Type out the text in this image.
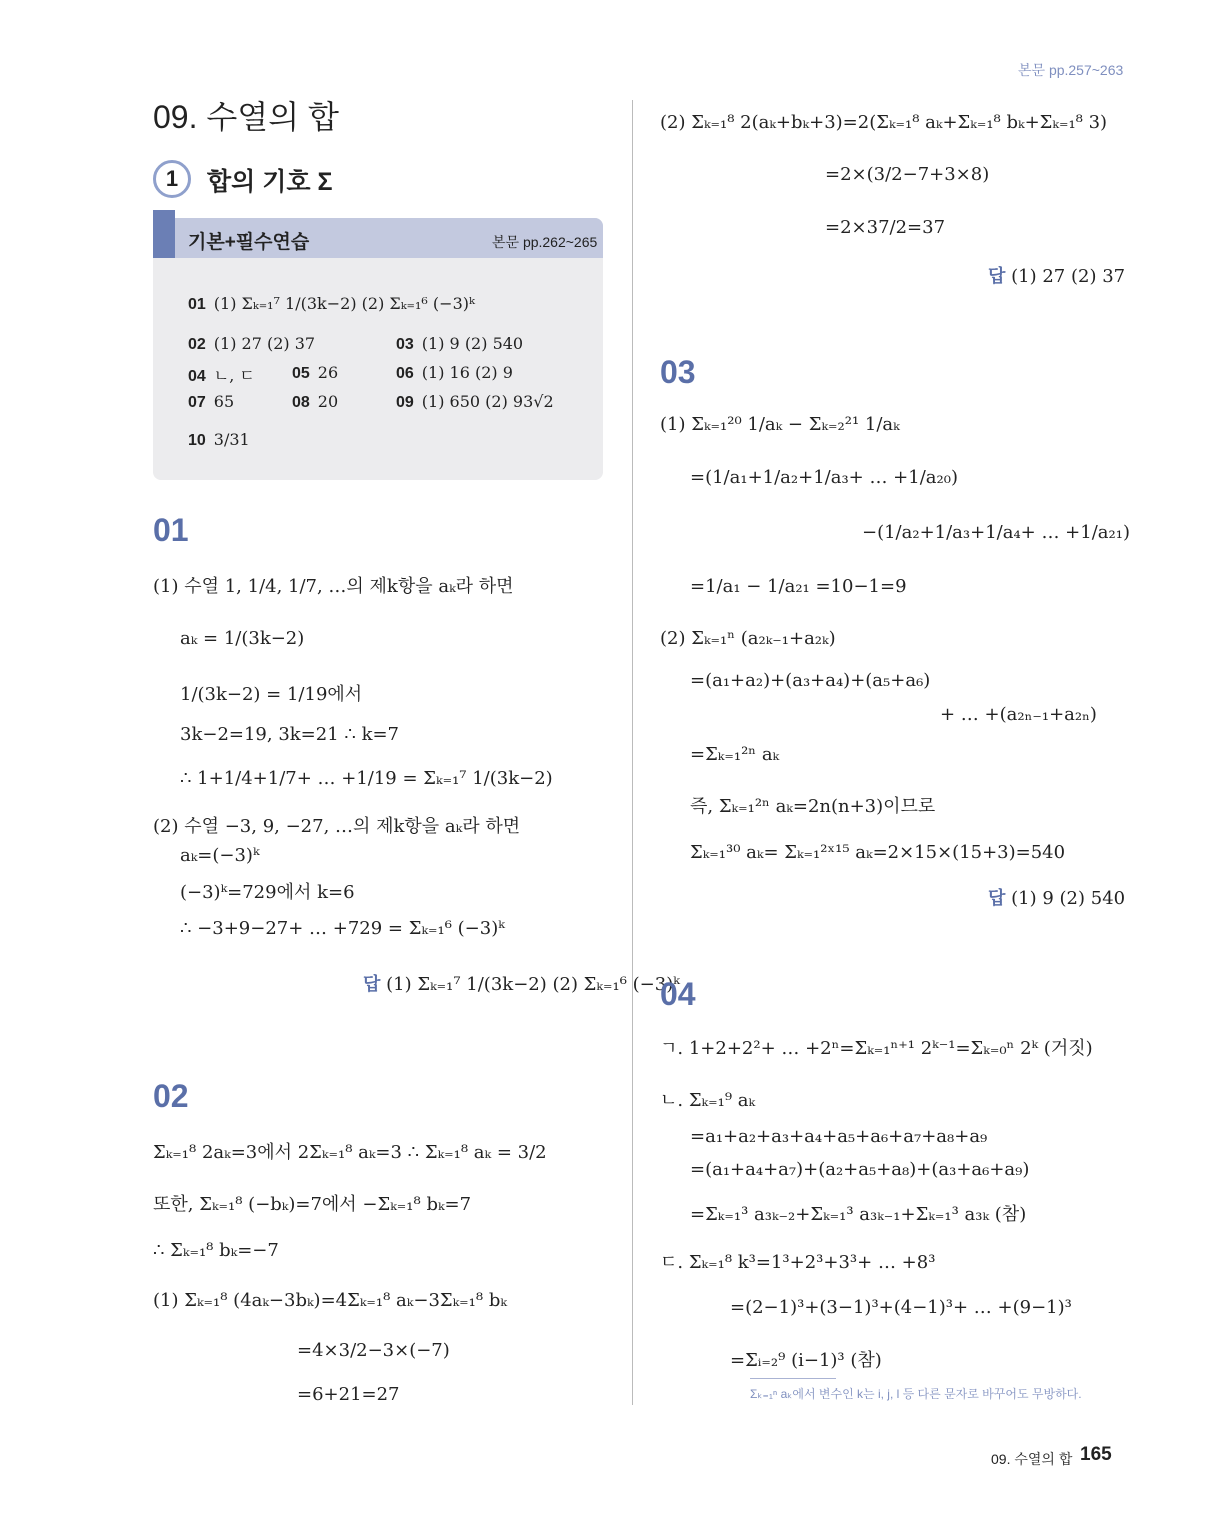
본문 pp.257~263
09. 수열의 합
1	합의 기호 Σ
기본+필수연습	본문 pp.262~265
01 (1) Σₖ₌₁⁷ 1/(3k−2) (2) Σₖ₌₁⁶ (−3)ᵏ
02 (1) 27 (2) 37	03 (1) 9 (2) 540
04 ㄴ, ㄷ 05 26	06 (1) 16 (2) 9
07 65	08 20	09 (1) 650 (2) 93√2
10 3/31
01
(1) 수열 1, 1/4, 1/7, …의 제k항을 aₖ라 하면
aₖ = 1/(3k−2)
1/(3k−2) = 1/19에서
3k−2=19, 3k=21 ∴ k=7
∴ 1+1/4+1/7+ … +1/19 = Σₖ₌₁⁷ 1/(3k−2)
(2) 수열 −3, 9, −27, …의 제k항을 aₖ라 하면
aₖ=(−3)ᵏ
(−3)ᵏ=729에서 k=6
∴ −3+9−27+ … +729 = Σₖ₌₁⁶ (−3)ᵏ
답 (1) Σₖ₌₁⁷ 1/(3k−2) (2) Σₖ₌₁⁶ (−3)ᵏ
02
Σₖ₌₁⁸ 2aₖ=3에서 2Σₖ₌₁⁸ aₖ=3 ∴ Σₖ₌₁⁸ aₖ = 3/2
또한, Σₖ₌₁⁸ (−bₖ)=7에서 −Σₖ₌₁⁸ bₖ=7
∴ Σₖ₌₁⁸ bₖ=−7
(1) Σₖ₌₁⁸ (4aₖ−3bₖ)=4Σₖ₌₁⁸ aₖ−3Σₖ₌₁⁸ bₖ
=4×3/2−3×(−7)
=6+21=27
(2) Σₖ₌₁⁸ 2(aₖ+bₖ+3)=2(Σₖ₌₁⁸ aₖ+Σₖ₌₁⁸ bₖ+Σₖ₌₁⁸ 3)
=2×(3/2−7+3×8)
=2×37/2=37
답 (1) 27 (2) 37
03
(1) Σₖ₌₁²⁰ 1/aₖ − Σₖ₌₂²¹ 1/aₖ
=(1/a₁+1/a₂+1/a₃+ … +1/a₂₀)
−(1/a₂+1/a₃+1/a₄+ … +1/a₂₁)
=1/a₁ − 1/a₂₁ =10−1=9
(2) Σₖ₌₁ⁿ (a₂ₖ₋₁+a₂ₖ)
=(a₁+a₂)+(a₃+a₄)+(a₅+a₆)
+ … +(a₂ₙ₋₁+a₂ₙ)
=Σₖ₌₁²ⁿ aₖ
즉, Σₖ₌₁²ⁿ aₖ=2n(n+3)이므로
Σₖ₌₁³⁰ aₖ= Σₖ₌₁²ˣ¹⁵ aₖ=2×15×(15+3)=540
답 (1) 9 (2) 540
04
ㄱ. 1+2+2²+ … +2ⁿ=Σₖ₌₁ⁿ⁺¹ 2ᵏ⁻¹=Σₖ₌₀ⁿ 2ᵏ (거짓)
ㄴ. Σₖ₌₁⁹ aₖ
=a₁+a₂+a₃+a₄+a₅+a₆+a₇+a₈+a₉
=(a₁+a₄+a₇)+(a₂+a₅+a₈)+(a₃+a₆+a₉)
=Σₖ₌₁³ a₃ₖ₋₂+Σₖ₌₁³ a₃ₖ₋₁+Σₖ₌₁³ a₃ₖ (참)
ㄷ. Σₖ₌₁⁸ k³=1³+2³+3³+ … +8³
=(2−1)³+(3−1)³+(4−1)³+ … +(9−1)³
=Σᵢ₌₂⁹ (i−1)³ (참)
Σₖ₌₁ⁿ aₖ에서 변수인 k는 i, j, l 등 다른 문자로 바꾸어도 무방하다.
09. 수열의 합 165
